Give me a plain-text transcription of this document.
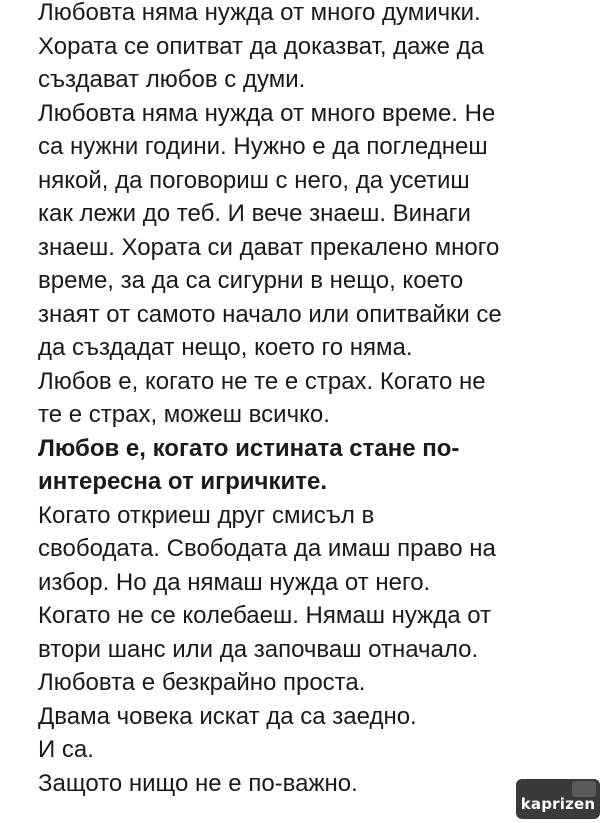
Любовта няма нужда от много думички.
Хората се опитват да доказват, даже да
създават любов с думи.
Любовта няма нужда от много време. Не
са нужни години. Нужно е да погледнеш
някой, да поговориш с него, да усетиш
как лежи до теб. И вече знаеш. Винаги
знаеш. Хората си дават прекалено много
време, за да са сигурни в нещо, което
знаят от самото начало или опитвайки се
да създадат нещо, което го няма.
Любов е, когато не те е страх. Когато не
те е страх, можеш всичко.
Любов е, когато истината стане по-
интересна от игричките.
Когато откриеш друг смисъл в
свободата. Свободата да имаш право на
избор. Но да нямаш нужда от него.
Когато не се колебаеш. Нямаш нужда от
втори шанс или да започваш отначало.
Любовта е безкрайно проста.
Двама човека искат да са заедно.
И са.
Защото нищо не е по-важно.
kaprizen
